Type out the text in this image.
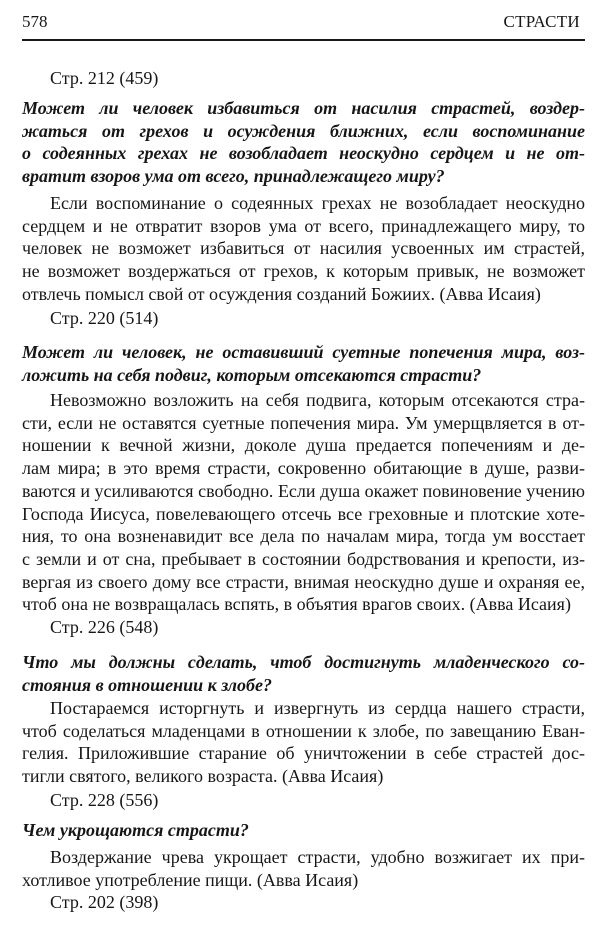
578	СТРАСТИ
Стр. 212 (459)
Может ли человек избавиться от насилия страстей, воздер-
жаться от грехов и осуждения ближних, если воспоминание
о содеянных грехах не возобладает неоскудно сердцем и не от-
вратит взоров ума от всего, принадлежащего миру?
Если воспоминание о содеянных грехах не возобладает неоскудно
сердцем и не отвратит взоров ума от всего, принадлежащего миру, то
человек не возможет избавиться от насилия усвоенных им страстей,
не возможет воздержаться от грехов, к которым привык, не возможет
отвлечь помысл свой от осуждения созданий Божиих. (Авва Исаия)
Стр. 220 (514)
Может ли человек, не оставивший суетные попечения мира, воз-
ложить на себя подвиг, которым отсекаются страсти?
Невозможно возложить на себя подвига, которым отсекаются стра-
сти, если не оставятся суетные попечения мира. Ум умерщвляется в от-
ношении к вечной жизни, доколе душа предается попечениям и де-
лам мира; в это время страсти, сокровенно обитающие в душе, разви-
ваются и усиливаются свободно. Если душа окажет повиновение учению
Господа Иисуса, повелевающего отсечь все греховные и плотские хоте-
ния, то она возненавидит все дела по началам мира, тогда ум восстает
с земли и от сна, пребывает в состоянии бодрствования и крепости, из-
вергая из своего дому все страсти, внимая неоскудно душе и охраняя ее,
чтоб она не возвращалась вспять, в объятия врагов своих. (Авва Исаия)
Стр. 226 (548)
Что мы должны сделать, чтоб достигнуть младенческого со-
стояния в отношении к злобе?
Постараемся исторгнуть и извергнуть из сердца нашего страсти,
чтоб соделаться младенцами в отношении к злобе, по завещанию Еван-
гелия. Приложившие старание об уничтожении в себе страстей дос-
тигли святого, великого возраста. (Авва Исаия)
Стр. 228 (556)
Чем укрощаются страсти?
Воздержание чрева укрощает страсти, удобно возжигает их при-
хотливое употребление пищи. (Авва Исаия)
Стр. 202 (398)
